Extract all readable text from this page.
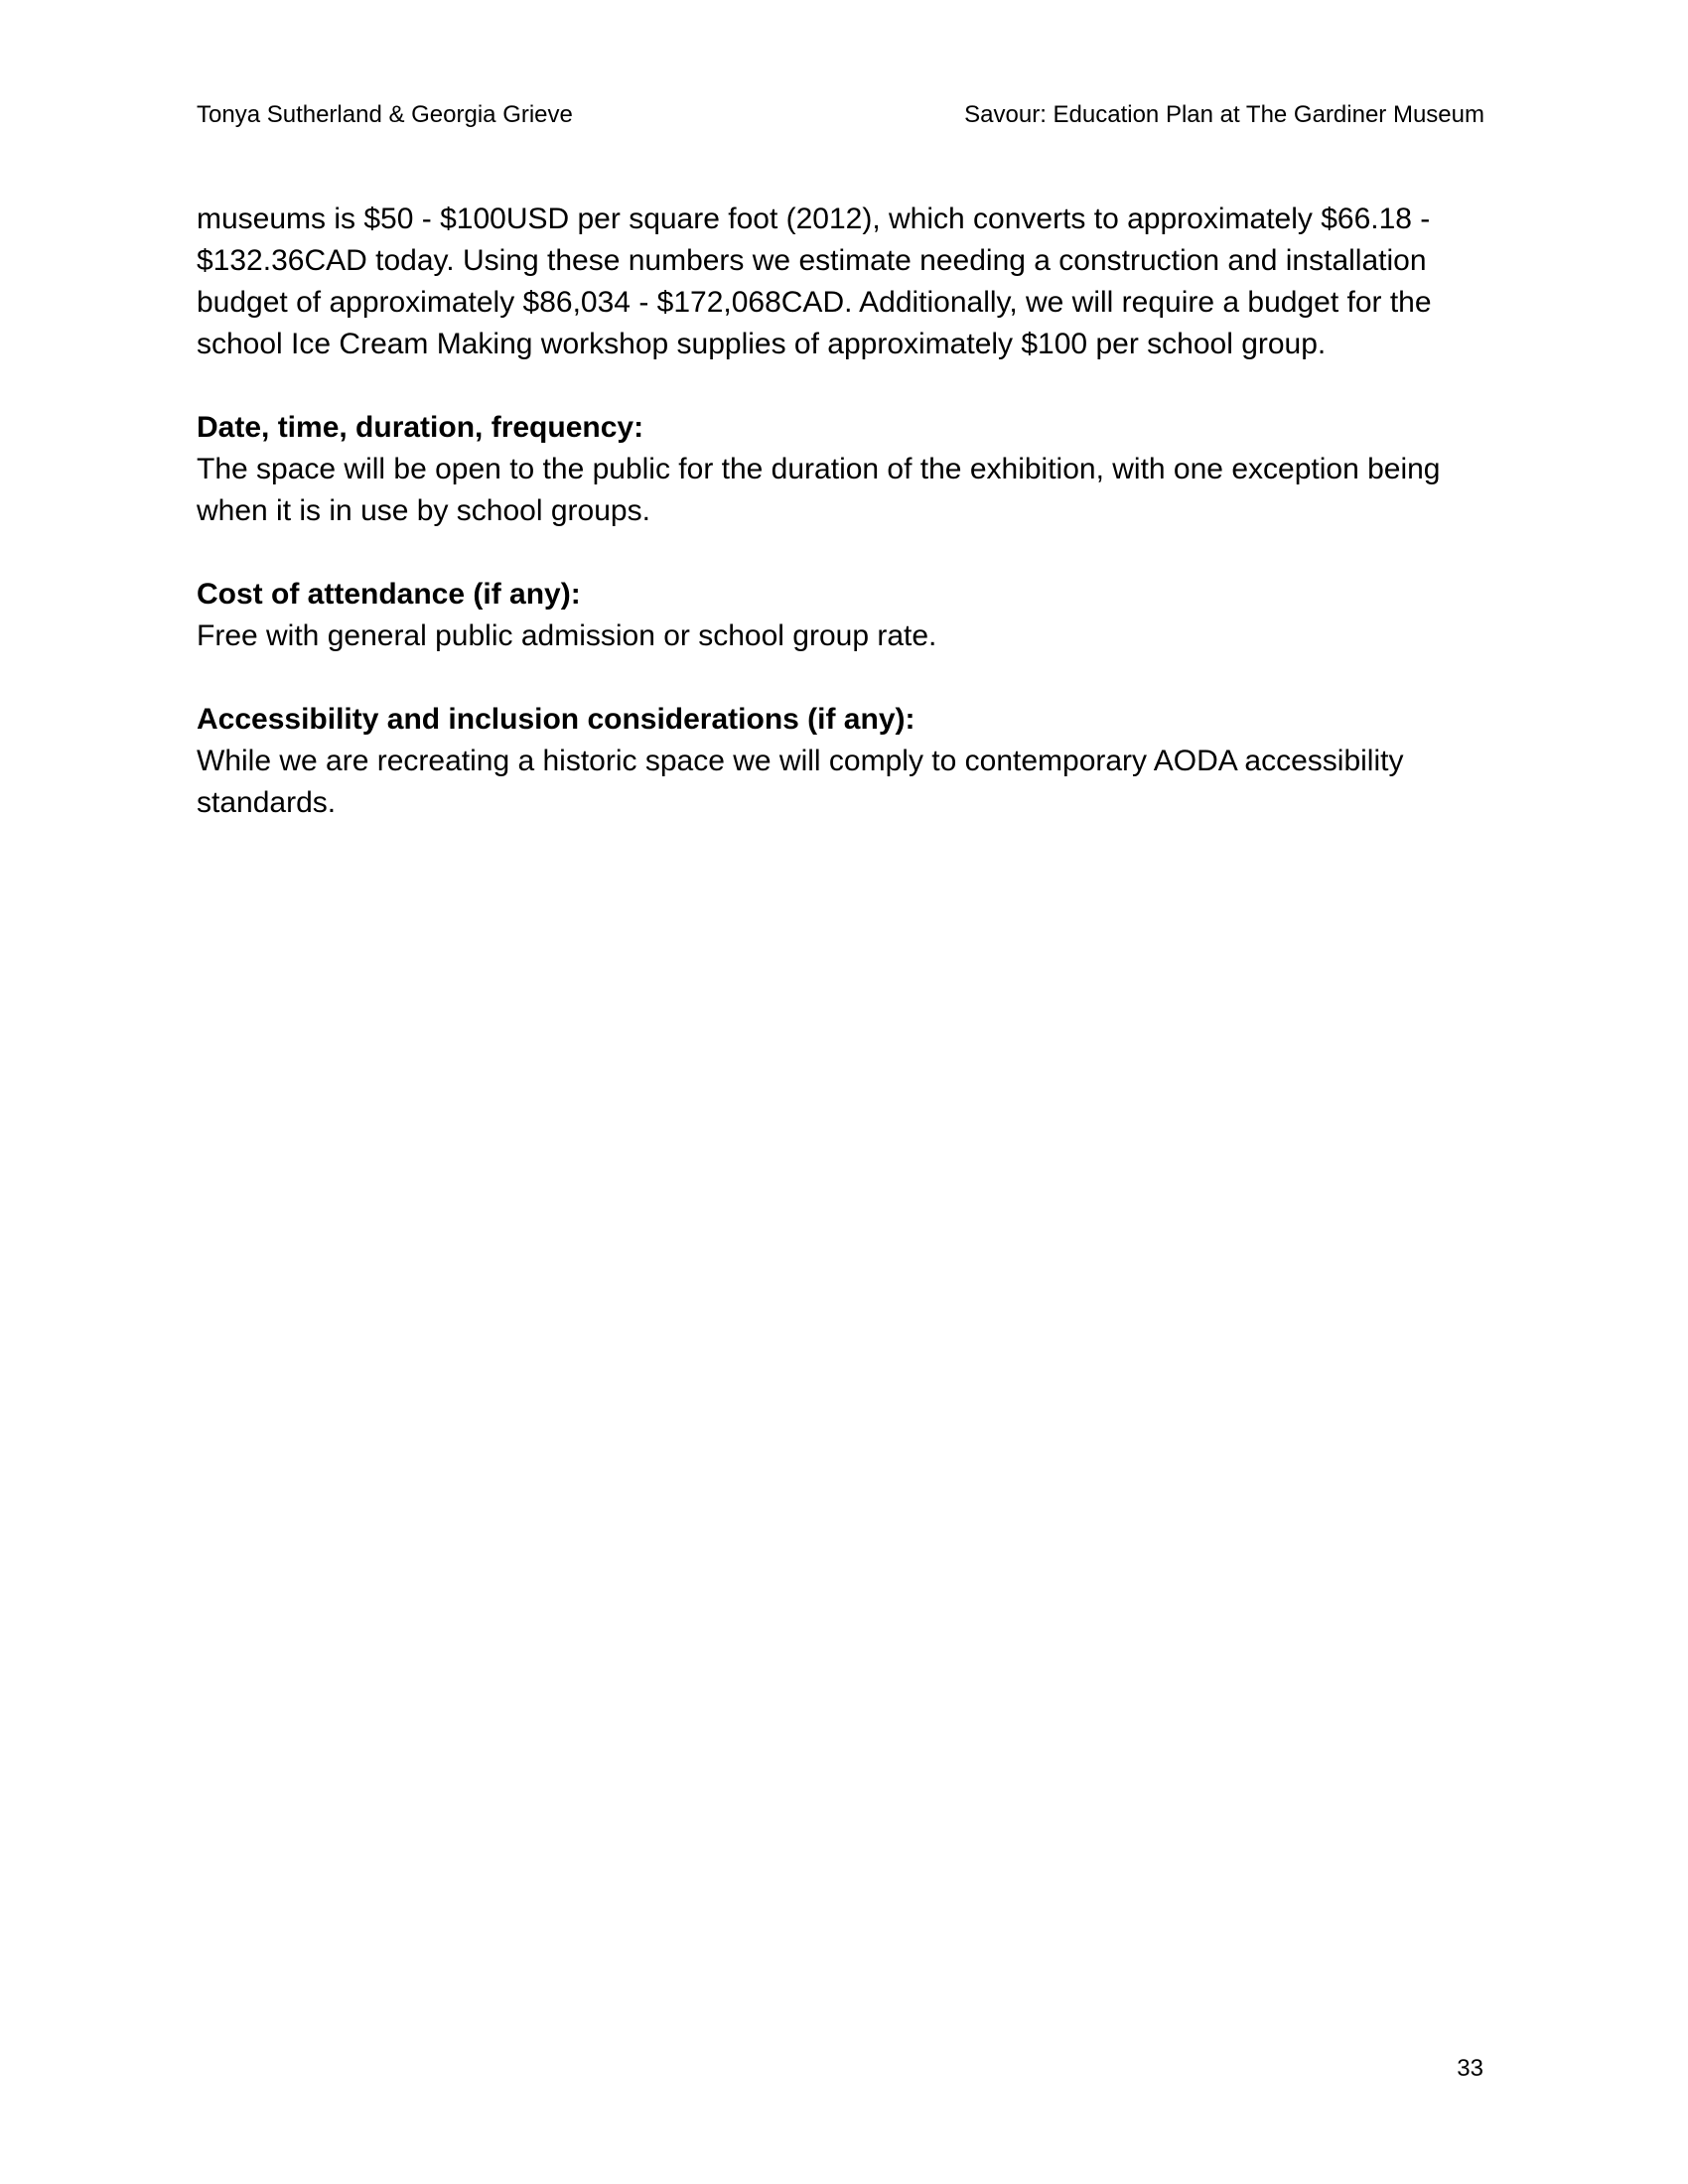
Tonya Sutherland & Georgia Grieve	Savour: Education Plan at The Gardiner Museum
museums is $50 - $100USD per square foot (2012), which converts to approximately $66.18 -
$132.36CAD today. Using these numbers we estimate needing a construction and installation
budget of approximately $86,034 - $172,068CAD. Additionally, we will require a budget for the
school Ice Cream Making workshop supplies of approximately $100 per school group.
Date, time, duration, frequency:
The space will be open to the public for the duration of the exhibition, with one exception being
when it is in use by school groups.
Cost of attendance (if any):
Free with general public admission or school group rate.
Accessibility and inclusion considerations (if any):
While we are recreating a historic space we will comply to contemporary AODA accessibility
standards.
33
